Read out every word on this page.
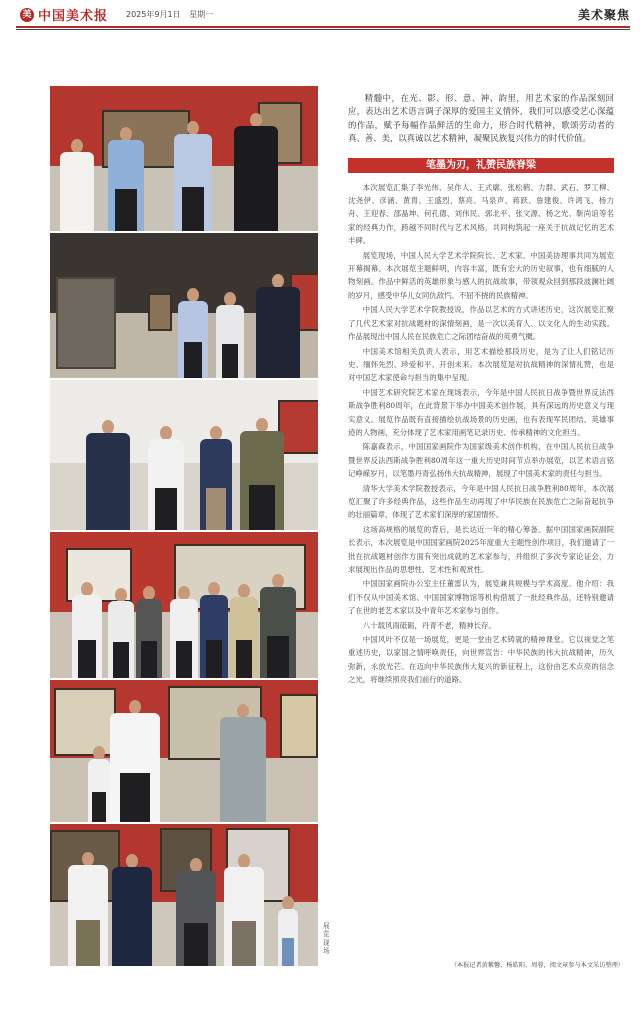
美 中国美术报 2025年9月1日 星期一	美术聚焦
展览现场

精髓中，在光、影、形、意、神、韵里，用艺术家的作品深刻回应，表达出艺术语言调子深厚的爱国主义情怀，我们可以感受艺心深蕴的作品，赋予每幅作品鲜活的生命力，形合时代精神，歌颂劳动者的真、善、美，以真诚以艺术精神，凝聚民族复兴伟力的时代价值。

笔墨为刃，礼赞民族脊梁

本次展览汇集了李光伟、吴作人、王式廓、张松鹤、力群、武石、罗工柳、沈尧伊、彦涵、黄胄、王盛烈、蔡亮、马泉声、蒋跃、詹建俊、许鸿飞、杨力舟、王迎春、邵晶坤、何孔德、刘伟民、郭北平、张文源、杨之光、靳尚谊等名家的经典力作，跨越不同时代与艺术风格，共同构筑起一座关于抗战记忆的艺术丰碑。

展览现场，中国人民大学艺术学院院长、艺术家、中国美协理事共同为展览开幕揭幕。本次展览主题鲜明，内容丰富，既有宏大的历史叙事，也有细腻的人物刻画。作品中鲜活的英雄形象与感人的抗战故事，带领观众回到那段波澜壮阔的岁月，感受中华儿女同仇敌忾、不屈不挠的民族精神。

中国人民大学艺术学院教授说，作品以艺术的方式讲述历史，这次展览汇聚了几代艺术家对抗战题材的深情刻画，是一次以美育人、以文化人的生动实践。作品展现出中国人民在民族危亡之际团结奋战的英勇气概。

中国美术馆相关负责人表示，用艺术描绘那段历史，是为了让人们铭记历史、缅怀先烈、珍爱和平、开创未来。本次展览是对抗战精神的深情礼赞，也是对中国艺术家使命与担当的集中呈现。

中国艺术研究院艺术家在现场表示，今年是中国人民抗日战争暨世界反法西斯战争胜利80周年，在此背景下举办中国美术创作展，具有深远的历史意义与现实意义。展览作品既有直接描绘抗战场景的历史画，也有表现军民团结、英雄事迹的人物画，充分体现了艺术家用画笔记录历史、传承精神的文化担当。

陈嘉森表示，中国国家画院作为国家级美术创作机构，在中国人民抗日战争暨世界反法西斯战争胜利80周年这一重大历史时间节点举办展览，以艺术语言铭记峥嵘岁月，以笔墨丹青弘扬伟大抗战精神，展现了中国美术家的责任与担当。

清华大学美术学院教授表示，今年是中国人民抗日战争胜利80周年，本次展览汇聚了许多经典作品，这些作品生动再现了中华民族在民族危亡之际奋起抗争的壮丽篇章，体现了艺术家们深厚的家国情怀。

这场高规格的展览的背后，是长达近一年的精心筹备。据中国国家画院副院长表示，本次展览是中国国家画院2025年度重大主题性创作项目，我们邀请了一批在抗战题材创作方面有突出成就的艺术家参与，并组织了多次专家论证会，力求展现出作品的思想性、艺术性和观赏性。

中国国家画院办公室主任董雷认为，展览兼具规模与学术高度。他介绍：我们不仅从中国美术馆、中国国家博物馆等机构借展了一批经典作品，还特别邀请了在世的老艺术家以及中青年艺术家参与创作。

八十载风雨砥砺，丹青不老，精神长存。

中国风叶不仅是一场展览，更是一堂由艺术铸就的精神课堂。它以视觉之笔重述历史，以家国之情呼唤责任，向世界宣告：中华民族的伟大抗战精神，历久弥新，永放光芒。在迈向中华民族伟大复兴的新征程上，这份由艺术点亮的信念之光，将继续照亮我们前行的道路。

（本报记者黄紫馨、杨皓阳、周蓉，阅文章参与本文采访整理）
